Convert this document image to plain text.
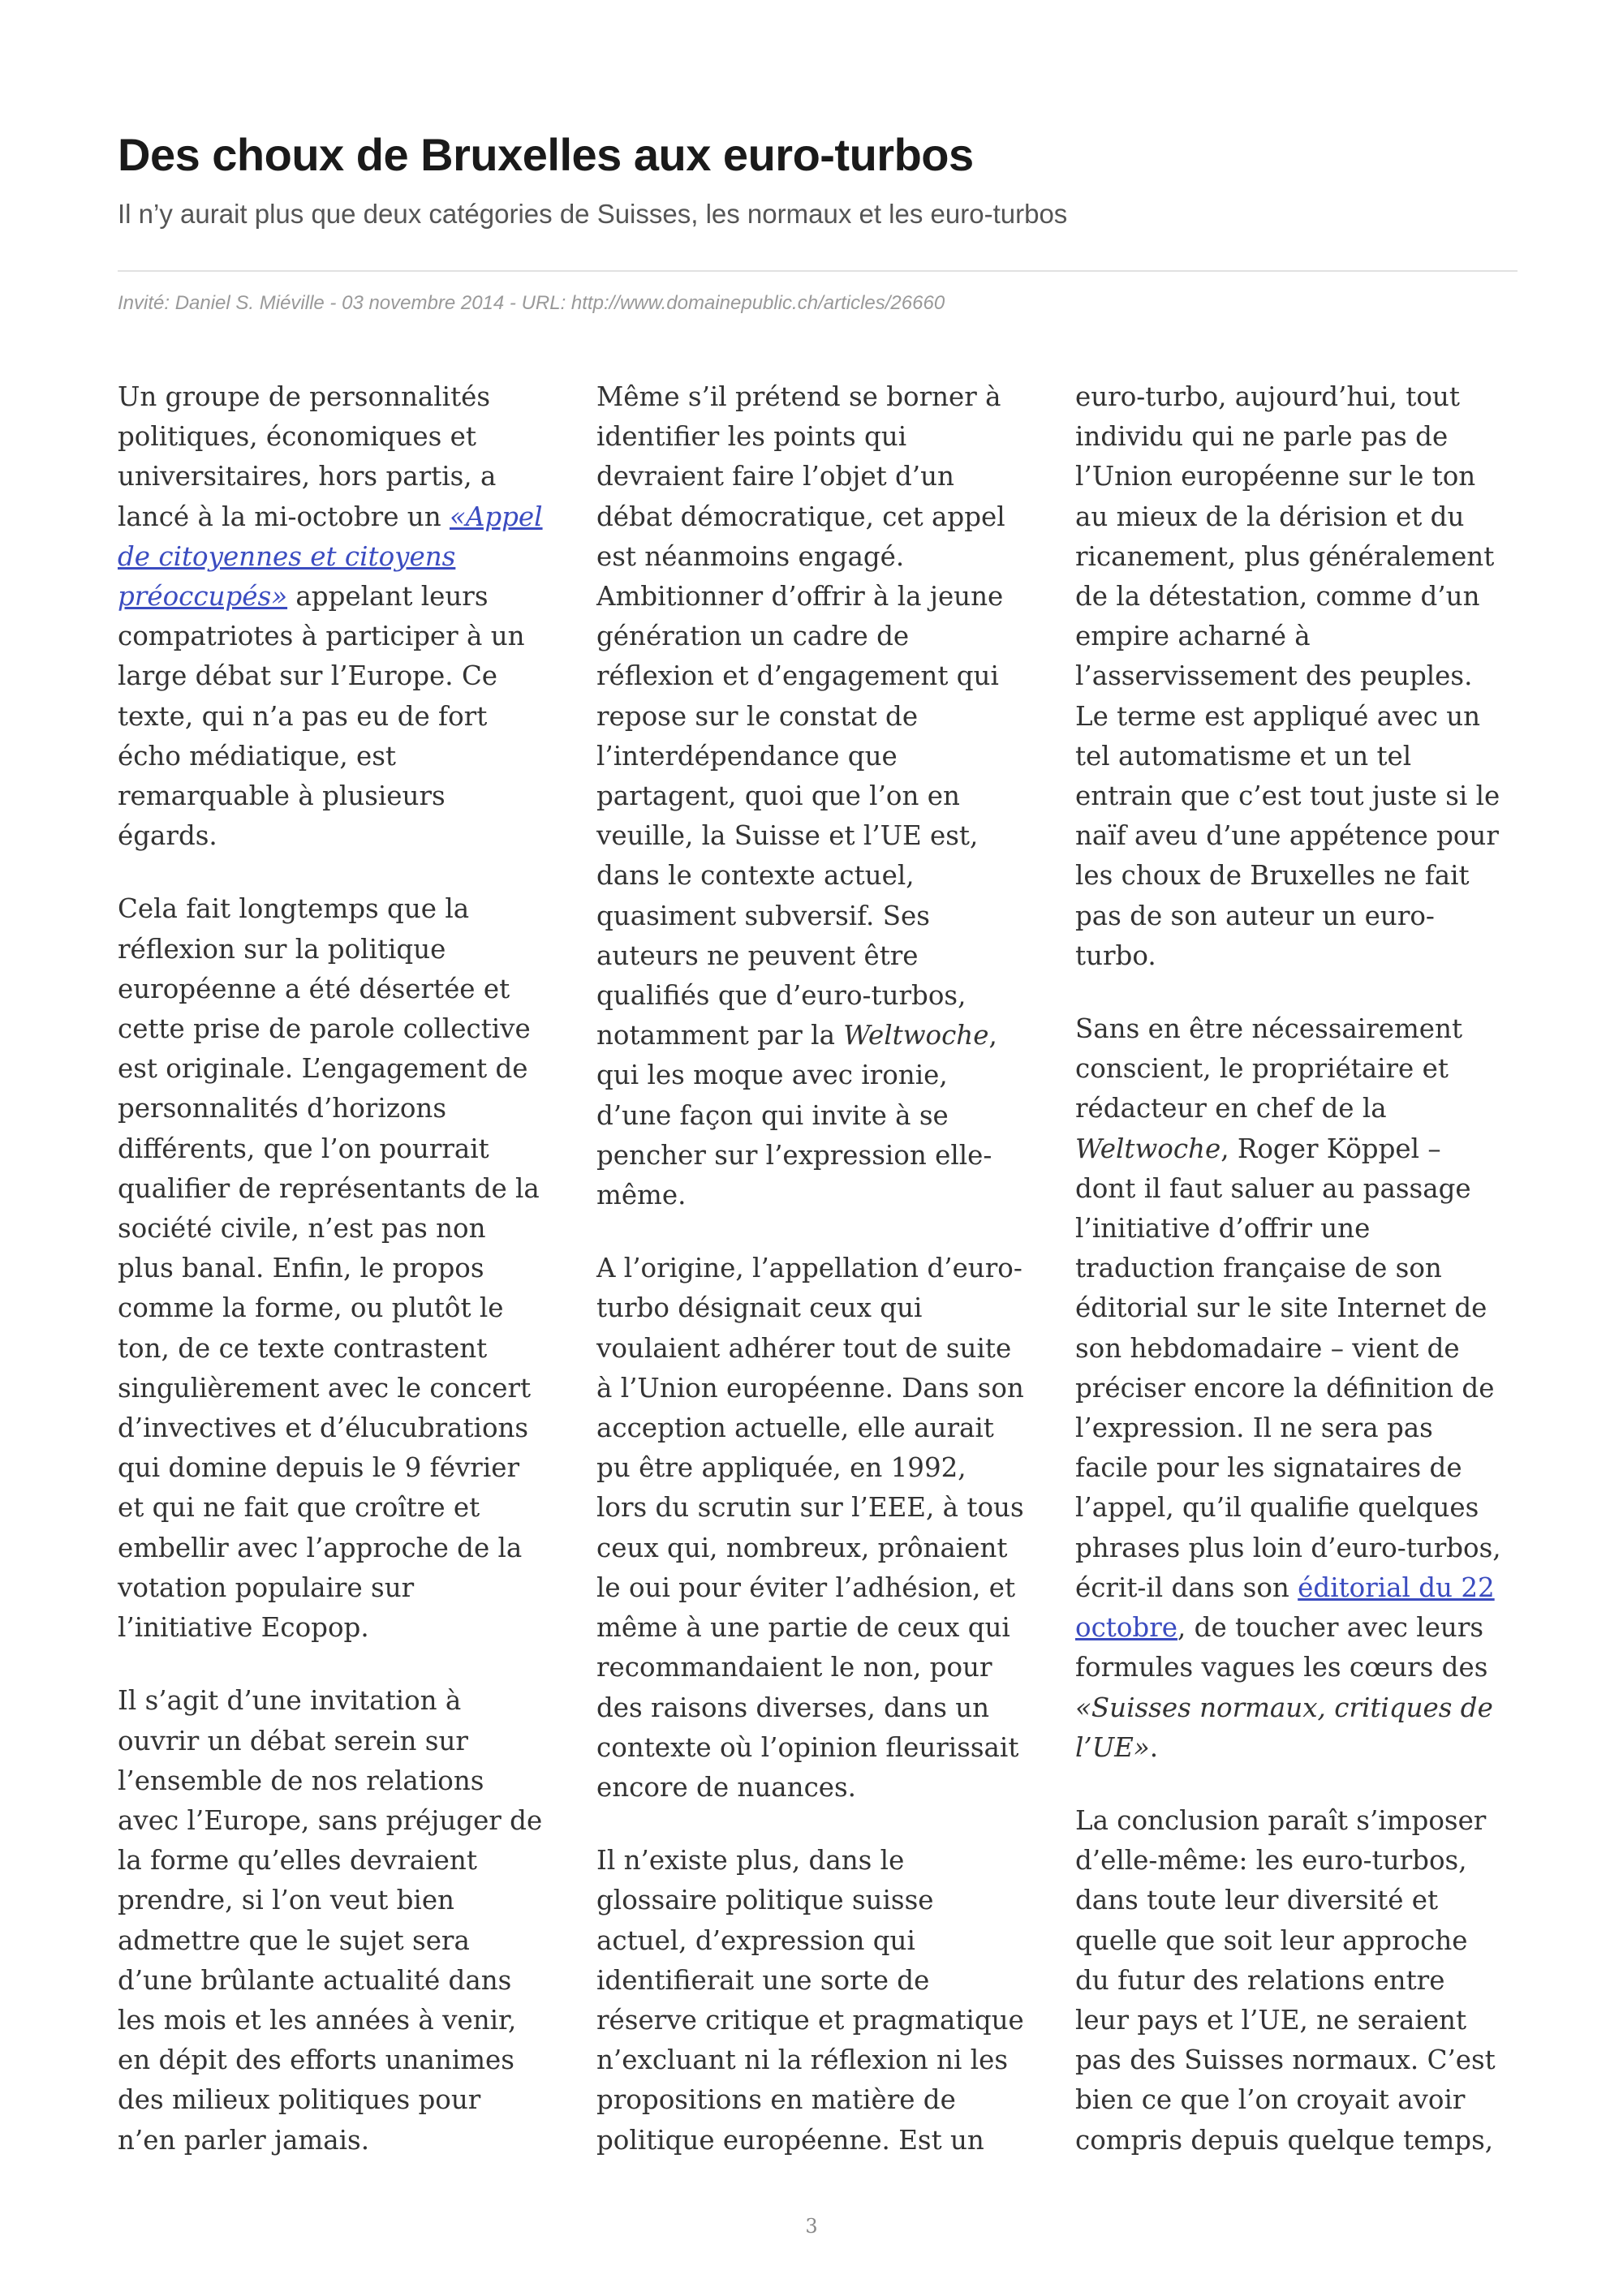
Des choux de Bruxelles aux euro-turbos

Il n’y aurait plus que deux catégories de Suisses, les normaux et les euro-turbos

Invité: Daniel S. Miéville - 03 novembre 2014 - URL: http://www.domainepublic.ch/articles/26660

Un groupe de personnalités
politiques, économiques et
universitaires, hors partis, a
lancé à la mi-octobre un «Appel
de citoyennes et citoyens
préoccupés» appelant leurs
compatriotes à participer à un
large débat sur l’Europe. Ce
texte, qui n’a pas eu de fort
écho médiatique, est
remarquable à plusieurs
égards.

Cela fait longtemps que la
réflexion sur la politique
européenne a été désertée et
cette prise de parole collective
est originale. L’engagement de
personnalités d’horizons
différents, que l’on pourrait
qualifier de représentants de la
société civile, n’est pas non
plus banal. Enfin, le propos
comme la forme, ou plutôt le
ton, de ce texte contrastent
singulièrement avec le concert
d’invectives et d’élucubrations
qui domine depuis le 9 février
et qui ne fait que croître et
embellir avec l’approche de la
votation populaire sur
l’initiative Ecopop.

Il s’agit d’une invitation à
ouvrir un débat serein sur
l’ensemble de nos relations
avec l’Europe, sans préjuger de
la forme qu’elles devraient
prendre, si l’on veut bien
admettre que le sujet sera
d’une brûlante actualité dans
les mois et les années à venir,
en dépit des efforts unanimes
des milieux politiques pour
n’en parler jamais.

Même s’il prétend se borner à
identifier les points qui
devraient faire l’objet d’un
débat démocratique, cet appel
est néanmoins engagé.
Ambitionner d’offrir à la jeune
génération un cadre de
réflexion et d’engagement qui
repose sur le constat de
l’interdépendance que
partagent, quoi que l’on en
veuille, la Suisse et l’UE est,
dans le contexte actuel,
quasiment subversif. Ses
auteurs ne peuvent être
qualifiés que d’euro-turbos,
notamment par la Weltwoche,
qui les moque avec ironie,
d’une façon qui invite à se
pencher sur l’expression elle-
même.

A l’origine, l’appellation d’euro-
turbo désignait ceux qui
voulaient adhérer tout de suite
à l’Union européenne. Dans son
acception actuelle, elle aurait
pu être appliquée, en 1992,
lors du scrutin sur l’EEE, à tous
ceux qui, nombreux, prônaient
le oui pour éviter l’adhésion, et
même à une partie de ceux qui
recommandaient le non, pour
des raisons diverses, dans un
contexte où l’opinion fleurissait
encore de nuances.

Il n’existe plus, dans le
glossaire politique suisse
actuel, d’expression qui
identifierait une sorte de
réserve critique et pragmatique
n’excluant ni la réflexion ni les
propositions en matière de
politique européenne. Est un

euro-turbo, aujourd’hui, tout
individu qui ne parle pas de
l’Union européenne sur le ton
au mieux de la dérision et du
ricanement, plus généralement
de la détestation, comme d’un
empire acharné à
l’asservissement des peuples.
Le terme est appliqué avec un
tel automatisme et un tel
entrain que c’est tout juste si le
naïf aveu d’une appétence pour
les choux de Bruxelles ne fait
pas de son auteur un euro-
turbo.

Sans en être nécessairement
conscient, le propriétaire et
rédacteur en chef de la
Weltwoche, Roger Köppel –
dont il faut saluer au passage
l’initiative d’offrir une
traduction française de son
éditorial sur le site Internet de
son hebdomadaire – vient de
préciser encore la définition de
l’expression. Il ne sera pas
facile pour les signataires de
l’appel, qu’il qualifie quelques
phrases plus loin d’euro-turbos,
écrit-il dans son éditorial du 22
octobre, de toucher avec leurs
formules vagues les cœurs des
«Suisses normaux, critiques de
l’UE».

La conclusion paraît s’imposer
d’elle-même: les euro-turbos,
dans toute leur diversité et
quelle que soit leur approche
du futur des relations entre
leur pays et l’UE, ne seraient
pas des Suisses normaux. C’est
bien ce que l’on croyait avoir
compris depuis quelque temps,

3
